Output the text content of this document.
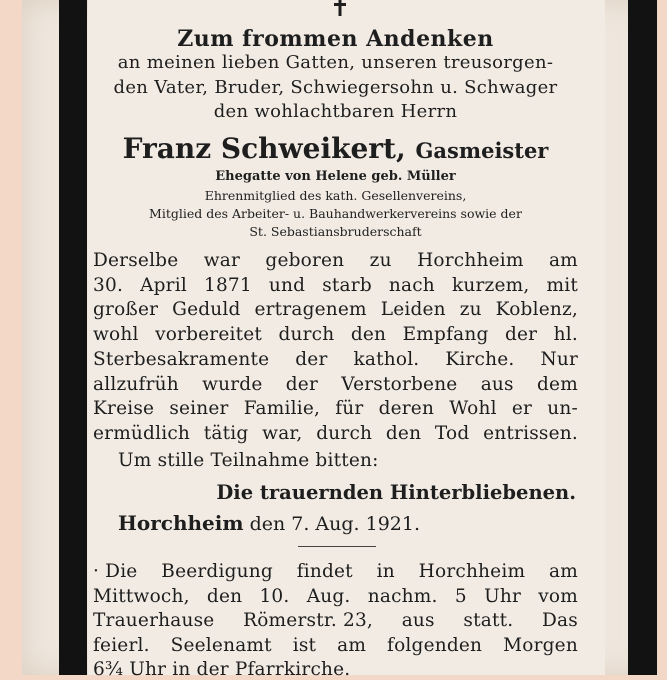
Zum frommen Andenken
an meinen lieben Gatten, unseren treusorgen-
den Vater, Bruder, Schwiegersohn u. Schwager
den wohlachtbaren Herrn
Franz Schweikert, Gasmeister
Ehegatte von Helene geb. Müller
Ehrenmitglied des kath. Gesellenvereins,
Mitglied des Arbeiter- u. Bauhandwerkervereins sowie der
St. Sebastiansbruderschaft
Derselbe war geboren zu Horchheim am
30. April 1871 und starb nach kurzem, mit
großer Geduld ertragenem Leiden zu Koblenz,
wohl vorbereitet durch den Empfang der hl.
Sterbesakramente der kathol. Kirche. Nur
allzufrüh wurde der Verstorbene aus dem
Kreise seiner Familie, für deren Wohl er un-
ermüdlich tätig war, durch den Tod entrissen.
Um stille Teilnahme bitten:
Die trauernden Hinterbliebenen.
Horchheim den 7. Aug. 1921.
· Die Beerdigung findet in Horchheim am
Mittwoch, den 10. Aug. nachm. 5 Uhr vom
Trauerhause Römerstr. 23, aus statt. Das
feierl. Seelenamt ist am folgenden Morgen
6¾ Uhr in der Pfarrkirche.
